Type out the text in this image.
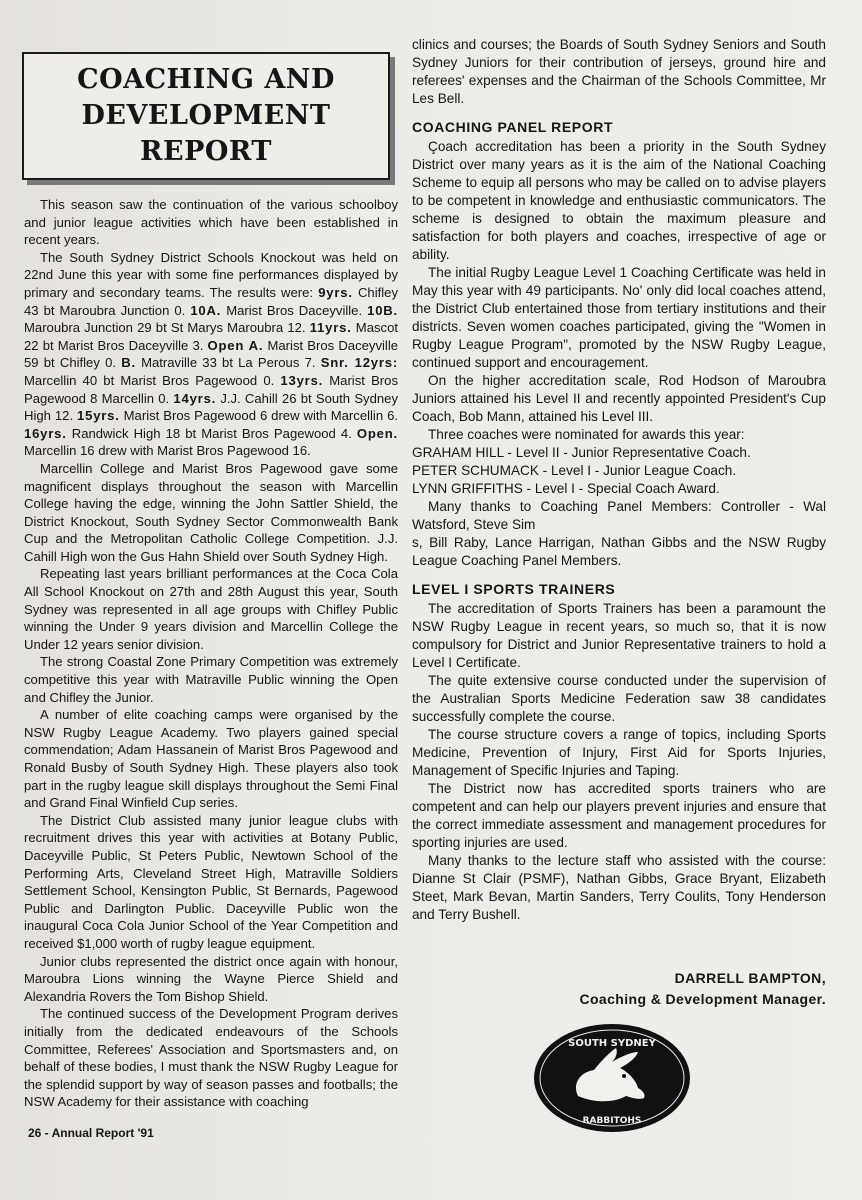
COACHING AND
DEVELOPMENT REPORT

This season saw the continuation of the various schoolboy and junior league activities which have been established in recent years.

The South Sydney District Schools Knockout was held on 22nd June this year with some fine performances displayed by primary and secondary teams. The results were: 9yrs. Chifley 43 bt Maroubra Junction 0. 10A. Marist Bros Daceyville. 10B. Maroubra Junction 29 bt St Marys Maroubra 12. 11yrs. Mascot 22 bt Marist Bros Daceyville 3. Open A. Marist Bros Daceyville 59 bt Chifley 0. B. Matraville 33 bt La Perous 7. Snr. 12yrs: Marcellin 40 bt Marist Bros Pagewood 0. 13yrs. Marist Bros Pagewood 8 Marcellin 0. 14yrs. J.J. Cahill 26 bt South Sydney High 12. 15yrs. Marist Bros Pagewood 6 drew with Marcellin 6. 16yrs. Randwick High 18 bt Marist Bros Pagewood 4. Open. Marcellin 16 drew with Marist Bros Pagewood 16.

Marcellin College and Marist Bros Pagewood gave some magnificent displays throughout the season with Marcellin College having the edge, winning the John Sattler Shield, the District Knockout, South Sydney Sector Commonwealth Bank Cup and the Metropolitan Catholic College Competition. J.J. Cahill High won the Gus Hahn Shield over South Sydney High.

Repeating last years brilliant performances at the Coca Cola All School Knockout on 27th and 28th August this year, South Sydney was represented in all age groups with Chifley Public winning the Under 9 years division and Marcellin College the Under 12 years senior division.

The strong Coastal Zone Primary Competition was extremely competitive this year with Matraville Public winning the Open and Chifley the Junior.

A number of elite coaching camps were organised by the NSW Rugby League Academy. Two players gained special commendation; Adam Hassanein of Marist Bros Pagewood and Ronald Busby of South Sydney High. These players also took part in the rugby league skill displays throughout the Semi Final and Grand Final Winfield Cup series.

The District Club assisted many junior league clubs with recruitment drives this year with activities at Botany Public, Daceyville Public, St Peters Public, Newtown School of the Performing Arts, Cleveland Street High, Matraville Soldiers Settlement School, Kensington Public, St Bernards, Pagewood Public and Darlington Public. Daceyville Public won the inaugural Coca Cola Junior School of the Year Competition and received $1,000 worth of rugby league equipment.

Junior clubs represented the district once again with honour, Maroubra Lions winning the Wayne Pierce Shield and Alexandria Rovers the Tom Bishop Shield.

The continued success of the Development Program derives initially from the dedicated endeavours of the Schools Committee, Referees' Association and Sportsmasters and, on behalf of these bodies, I must thank the NSW Rugby League for the splendid support by way of season passes and footballs; the NSW Academy for their assistance with coaching

clinics and courses; the Boards of South Sydney Seniors and South Sydney Juniors for their contribution of jerseys, ground hire and referees' expenses and the Chairman of the Schools Committee, Mr Les Bell.

COACHING PANEL REPORT

Çoach accreditation has been a priority in the South Sydney District over many years as it is the aim of the National Coaching Scheme to equip all persons who may be called on to advise players to be competent in knowledge and enthusiastic communicators. The scheme is designed to obtain the maximum pleasure and satisfaction for both players and coaches, irrespective of age or ability.

The initial Rugby League Level 1 Coaching Certificate was held in May this year with 49 participants. No' only did local coaches attend, the District Club entertained those from tertiary institutions and their districts. Seven women coaches participated, giving the "Women in Rugby League Program", promoted by the NSW Rugby League, continued support and encouragement.

On the higher accreditation scale, Rod Hodson of Maroubra Juniors attained his Level II and recently appointed President's Cup Coach, Bob Mann, attained his Level III.

Three coaches were nominated for awards this year:

GRAHAM HILL - Level II - Junior Representative Coach.

PETER SCHUMACK - Level I - Junior League Coach.

LYNN GRIFFITHS - Level I - Special Coach Award.

Many thanks to Coaching Panel Members: Controller - Wal Watsford, Steve Sim

s, Bill Raby, Lance Harrigan, Nathan Gibbs and the NSW Rugby League Coaching Panel Members.

LEVEL I SPORTS TRAINERS

The accreditation of Sports Trainers has been a paramount the NSW Rugby League in recent years, so much so, that it is now compulsory for District and Junior Representative trainers to hold a Level I Certificate.

The quite extensive course conducted under the supervision of the Australian Sports Medicine Federation saw 38 candidates successfully complete the course.

The course structure covers a range of topics, including Sports Medicine, Prevention of Injury, First Aid for Sports Injuries, Management of Specific Injuries and Taping.

The District now has accredited sports trainers who are competent and can help our players prevent injuries and ensure that the correct immediate assessment and management procedures for sporting injuries are used.

Many thanks to the lecture staff who assisted with the course: Dianne St Clair (PSMF), Nathan Gibbs, Grace Bryant, Elizabeth Steet, Mark Bevan, Martin Sanders, Terry Coulits, Tony Henderson and Terry Bushell.

DARRELL BAMPTON,
Coaching & Development Manager.
SOUTH SYDNEY
RABBITOHS
26 - Annual Report '91
